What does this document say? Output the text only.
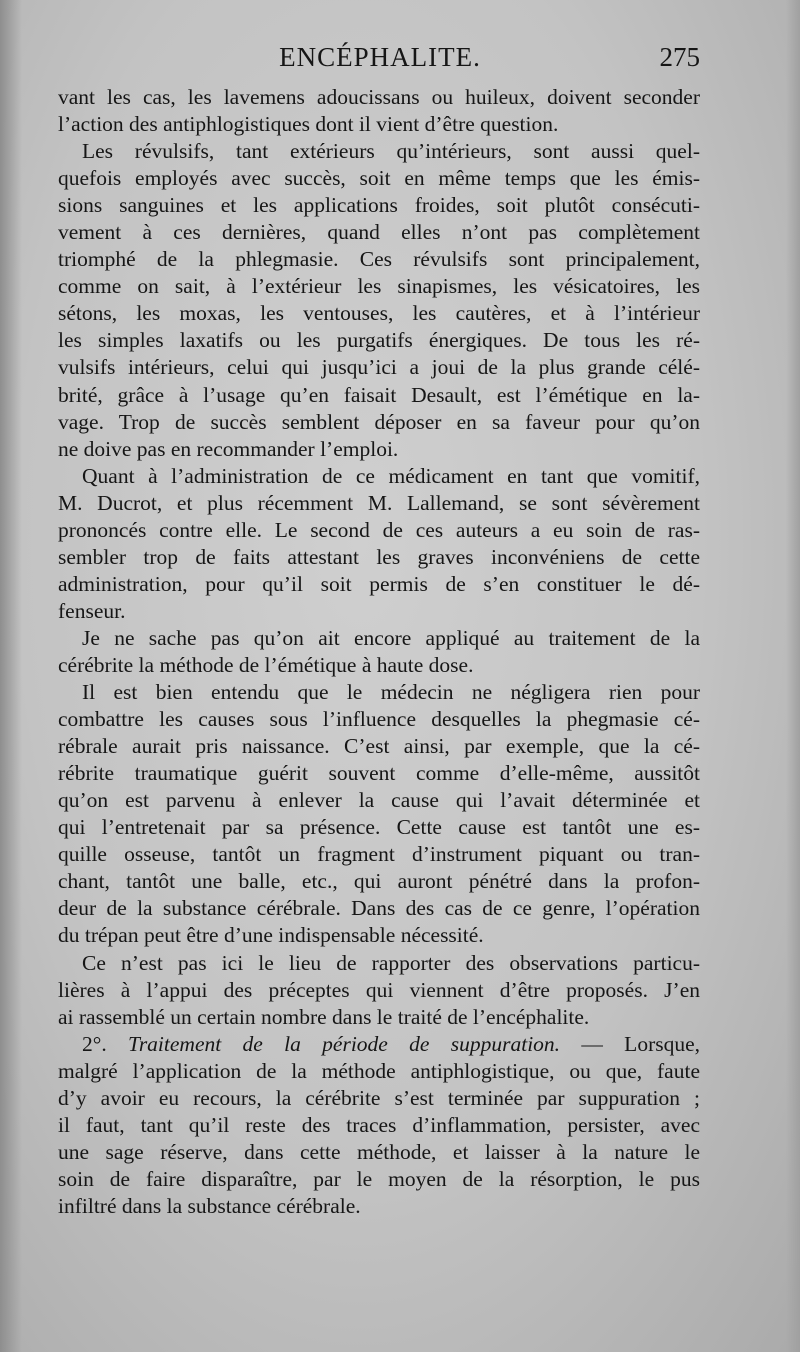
ENCÉPHALITE.	275
vant les cas, les lavemens adoucissans ou huileux, doivent seconder
l’action des antiphlogistiques dont il vient d’être question.
Les révulsifs, tant extérieurs qu’intérieurs, sont aussi quel-
quefois employés avec succès, soit en même temps que les émis-
sions sanguines et les applications froides, soit plutôt consécuti-
vement à ces dernières, quand elles n’ont pas complètement
triomphé de la phlegmasie. Ces révulsifs sont principalement,
comme on sait, à l’extérieur les sinapismes, les vésicatoires, les
sétons, les moxas, les ventouses, les cautères, et à l’intérieur
les simples laxatifs ou les purgatifs énergiques. De tous les ré-
vulsifs intérieurs, celui qui jusqu’ici a joui de la plus grande célé-
brité, grâce à l’usage qu’en faisait Desault, est l’émétique en la-
vage. Trop de succès semblent déposer en sa faveur pour qu’on
ne doive pas en recommander l’emploi.
Quant à l’administration de ce médicament en tant que vomitif,
M. Ducrot, et plus récemment M. Lallemand, se sont sévèrement
prononcés contre elle. Le second de ces auteurs a eu soin de ras-
sembler trop de faits attestant les graves inconvéniens de cette
administration, pour qu’il soit permis de s’en constituer le dé-
fenseur.
Je ne sache pas qu’on ait encore appliqué au traitement de la
cérébrite la méthode de l’émétique à haute dose.
Il est bien entendu que le médecin ne négligera rien pour
combattre les causes sous l’influence desquelles la phegmasie cé-
rébrale aurait pris naissance. C’est ainsi, par exemple, que la cé-
rébrite traumatique guérit souvent comme d’elle-même, aussitôt
qu’on est parvenu à enlever la cause qui l’avait déterminée et
qui l’entretenait par sa présence. Cette cause est tantôt une es-
quille osseuse, tantôt un fragment d’instrument piquant ou tran-
chant, tantôt une balle, etc., qui auront pénétré dans la profon-
deur de la substance cérébrale. Dans des cas de ce genre, l’opération
du trépan peut être d’une indispensable nécessité.
Ce n’est pas ici le lieu de rapporter des observations particu-
lières à l’appui des préceptes qui viennent d’être proposés. J’en
ai rassemblé un certain nombre dans le traité de l’encéphalite.
2°. Traitement de la période de suppuration. — Lorsque,
malgré l’application de la méthode antiphlogistique, ou que, faute
d’y avoir eu recours, la cérébrite s’est terminée par suppuration ;
il faut, tant qu’il reste des traces d’inflammation, persister, avec
une sage réserve, dans cette méthode, et laisser à la nature le
soin de faire disparaître, par le moyen de la résorption, le pus
infiltré dans la substance cérébrale.
